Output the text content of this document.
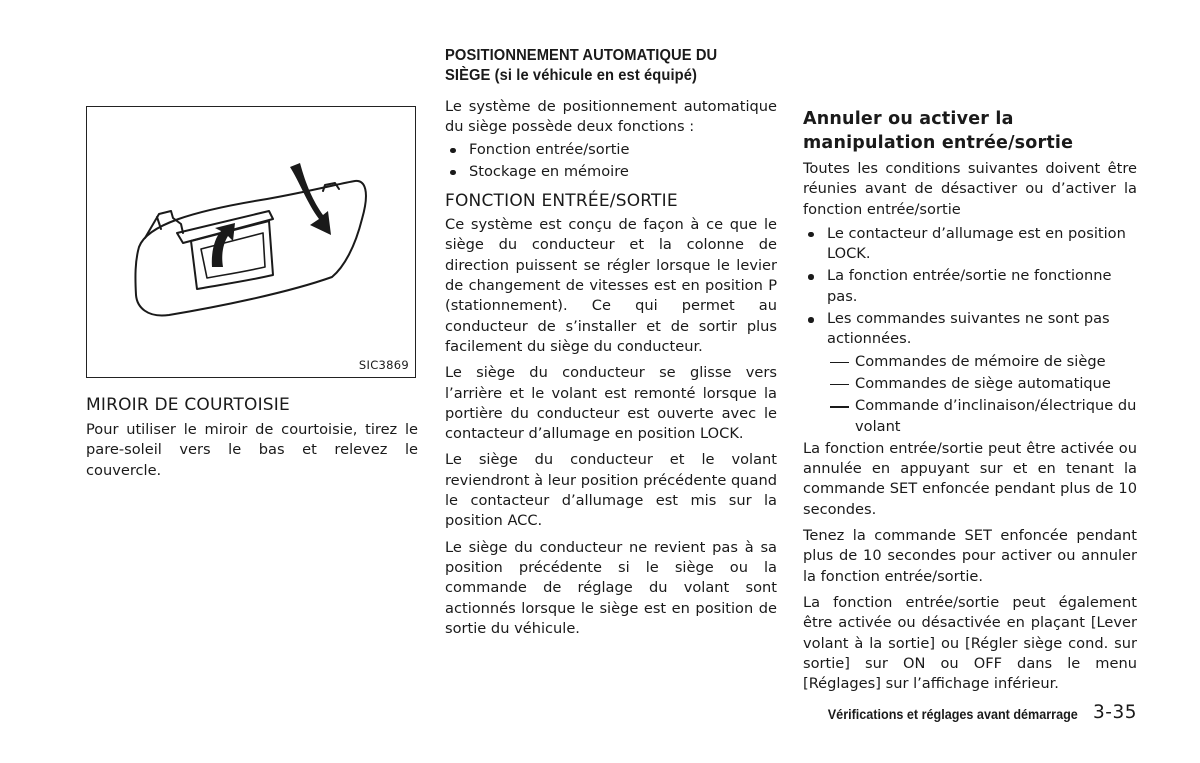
SIC3869
MIROIR DE COURTOISIE

Pour utiliser le miroir de courtoisie, tirez le pare-soleil vers le bas et relevez le couvercle.

POSITIONNEMENT AUTOMATIQUE DU
SIÈGE (si le véhicule en est équipé)

Le système de positionnement automatique du siège possède deux fonctions :

Fonction entrée/sortie
Stockage en mémoire
FONCTION ENTRÉE/SORTIE

Ce système est conçu de façon à ce que le siège du conducteur et la colonne de direction puissent se régler lorsque le levier de changement de vitesses est en position P (stationnement). Ce qui permet au conducteur de s’installer et de sortir plus facilement du siège du conducteur.

Le siège du conducteur se glisse vers l’arrière et le volant est remonté lorsque la portière du conducteur est ouverte avec le contacteur d’allumage en position LOCK.

Le siège du conducteur et le volant reviendront à leur position précédente quand le contacteur d’allumage est mis sur la position ACC.

Le siège du conducteur ne revient pas à sa position précédente si le siège ou la commande de réglage du volant sont actionnés lorsque le siège est en position de sortie du véhicule.

Annuler ou activer la manipulation entrée/sortie

Toutes les conditions suivantes doivent être réunies avant de désactiver ou d’activer la fonction entrée/sortie

Le contacteur d’allumage est en position LOCK.
La fonction entrée/sortie ne fonctionne pas.
Les commandes suivantes ne sont pas actionnées.
Commandes de mémoire de siège
Commandes de siège automatique
Commande d’inclinaison/électrique du volant

La fonction entrée/sortie peut être activée ou annulée en appuyant sur et en tenant la commande SET enfoncée pendant plus de 10 secondes.

Tenez la commande SET enfoncée pendant plus de 10 secondes pour activer ou annuler la fonction entrée/sortie.

La fonction entrée/sortie peut également être activée ou désactivée en plaçant [Lever volant à la sortie] ou [Régler siège cond. sur sortie] sur ON ou OFF dans le menu [Réglages] sur l’affichage inférieur.

Vérifications et réglages avant démarrage 3-35
